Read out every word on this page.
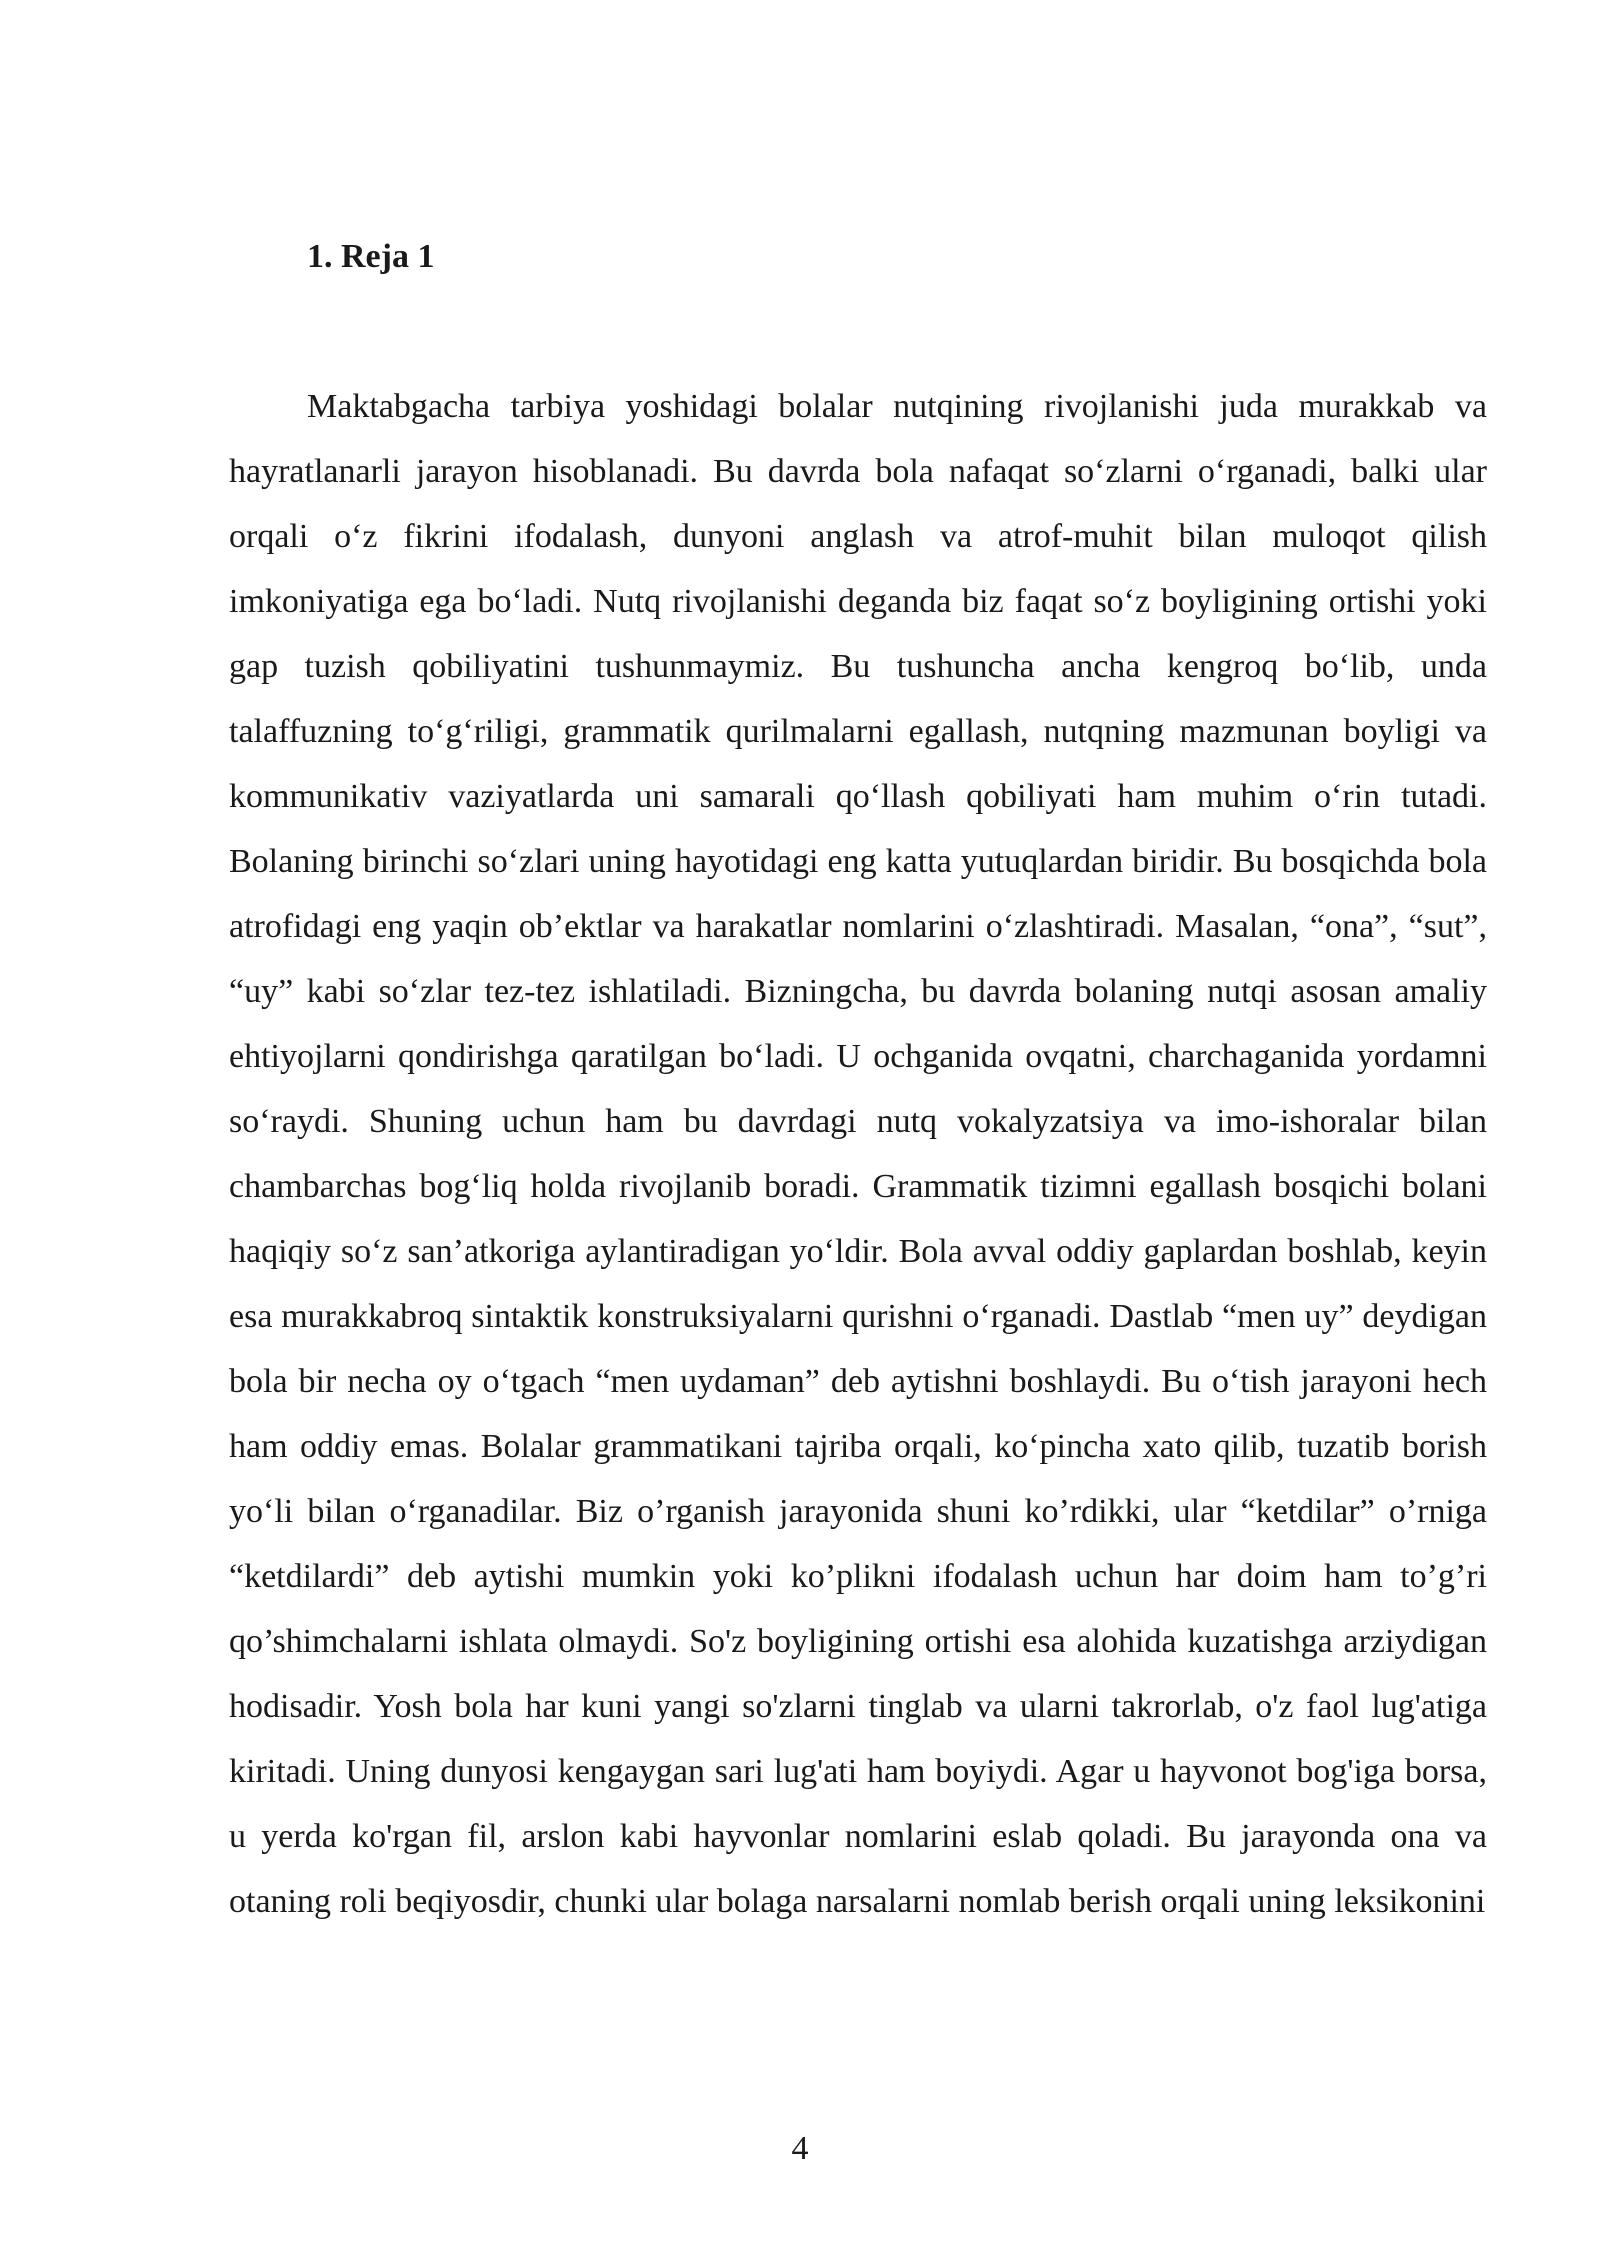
1. Reja 1

Maktabgacha tarbiya yoshidagi bolalar nutqining rivojlanishi juda murakkab va hayratlanarli jarayon hisoblanadi. Bu davrda bola nafaqat so‘zlarni o‘rganadi, balki ular orqali o‘z fikrini ifodalash, dunyoni anglash va atrof-muhit bilan muloqot qilish imkoniyatiga ega bo‘ladi. Nutq rivojlanishi deganda biz faqat so‘z boyligining ortishi yoki gap tuzish qobiliyatini tushunmaymiz. Bu tushuncha ancha kengroq bo‘lib, unda talaffuzning to‘g‘riligi, grammatik qurilmalarni egallash, nutqning mazmunan boyligi va kommunikativ vaziyatlarda uni samarali qo‘llash qobiliyati ham muhim o‘rin tutadi. Bolaning birinchi so‘zlari uning hayotidagi eng katta yutuqlardan biridir. Bu bosqichda bola atrofidagi eng yaqin ob’ektlar va harakatlar nomlarini o‘zlashtiradi. Masalan, “ona”, “sut”, “uy” kabi so‘zlar tez-tez ishlatiladi. Bizningcha, bu davrda bolaning nutqi asosan amaliy ehtiyojlarni qondirishga qaratilgan bo‘ladi. U ochganida ovqatni, charchaganida yordamni so‘raydi. Shuning uchun ham bu davrdagi nutq vokalyzatsiya va imo-ishoralar bilan chambarchas bog‘liq holda rivojlanib boradi. Grammatik tizimni egallash bosqichi bolani haqiqiy so‘z san’atkoriga aylantiradigan yo‘ldir. Bola avval oddiy gaplardan boshlab, keyin esa murakkabroq sintaktik konstruksiyalarni qurishni o‘rganadi. Dastlab “men uy” deydigan bola bir necha oy o‘tgach “men uydaman” deb aytishni boshlaydi. Bu o‘tish jarayoni hech ham oddiy emas. Bolalar grammatikani tajriba orqali, ko‘pincha xato qilib, tuzatib borish yo‘li bilan o‘rganadilar. Biz o’rganish jarayonida shuni ko’rdikki, ular “ketdilar” o’rniga “ketdilardi” deb aytishi mumkin yoki ko’plikni ifodalash uchun har doim ham to’g’ri qo’shimchalarni ishlata olmaydi. So'z boyligining ortishi esa alohida kuzatishga arziydigan hodisadir. Yosh bola har kuni yangi so'zlarni tinglab va ularni takrorlab, o'z faol lug'atiga kiritadi. Uning dunyosi kengaygan sari lug'ati ham boyiydi. Agar u hayvonot bog'iga borsa, u yerda ko'rgan fil, arslon kabi hayvonlar nomlarini eslab qoladi. Bu jarayonda ona va otaning roli beqiyosdir, chunki ular bolaga narsalarni nomlab berish orqali uning leksikonini

4
